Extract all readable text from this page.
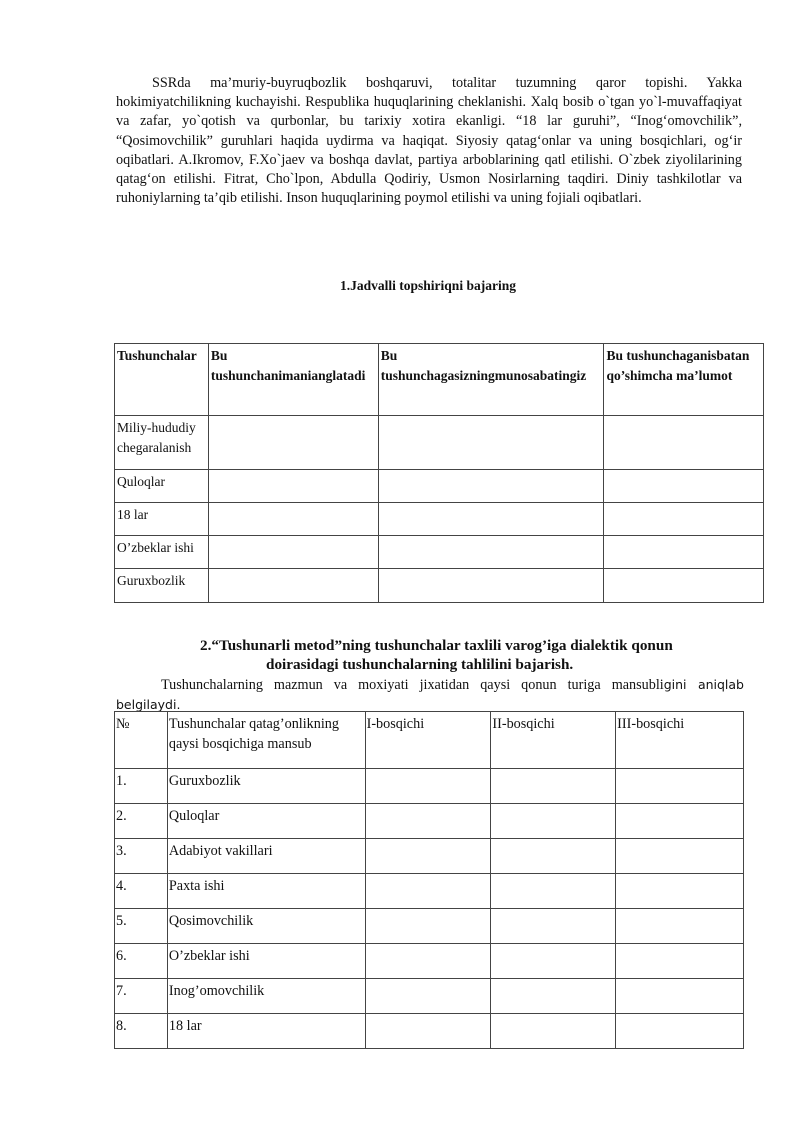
SSRda ma’muriy-buyruqbozlik boshqaruvi, totalitar tuzumning qaror topishi. Yakka hokimiyatchilikning kuchayishi. Respublika huquqlarining cheklanishi. Xalq bosib o`tgan yo`l-muvaffaqiyat va zafar, yo`qotish va qurbonlar, bu tarixiy xotira ekanligi. “18 lar guruhi”, “Inog‘omovchilik”, “Qosimovchilik” guruhlari haqida uydirma va haqiqat. Siyosiy qatag‘onlar va uning bosqichlari, og‘ir oqibatlari. A.Ikromov, F.Xo`jaev va boshqa davlat, partiya arboblarining qatl etilishi. O`zbek ziyolilarining qatag‘on etilishi. Fitrat, Cho`lpon, Abdulla Qodiriy, Usmon Nosirlarning taqdiri. Diniy tashkilotlar va ruhoniylarning ta’qib etilishi. Inson huquqlarining poymol etilishi va uning fojiali oqibatlari.

1.Jadvalli topshiriqni bajaring
Tushunchalar	Bu tushunchanimanianglatadi	Bu tushunchagasizningmunosabatingiz	Bu tushunchaganisbatan qo’shimcha ma’lumot
Miliy-hududiy chegaralanish			
Quloqlar			
18 lar			
O’zbeklar ishi			
Guruxbozlik			
2.“Tushunarli metod”ning tushunchalar taxlili varog’iga dialektik qonun
doirasidagi tushunchalarning tahlilini bajarish.

Tushunchalarning mazmun va moxiyati jixatidan qaysi qonun turiga mansubligini aniqlab belgilaydi.

№	Tushunchalar qatag’onlikning qaysi bosqichiga mansub	I-bosqichi	II-bosqichi	III-bosqichi
1.	Guruxbozlik			
2.	Quloqlar			
3.	Adabiyot vakillari			
4.	Paxta ishi			
5.	Qosimovchilik			
6.	O’zbeklar ishi			
7.	Inog’omovchilik			
8.	18 lar			
